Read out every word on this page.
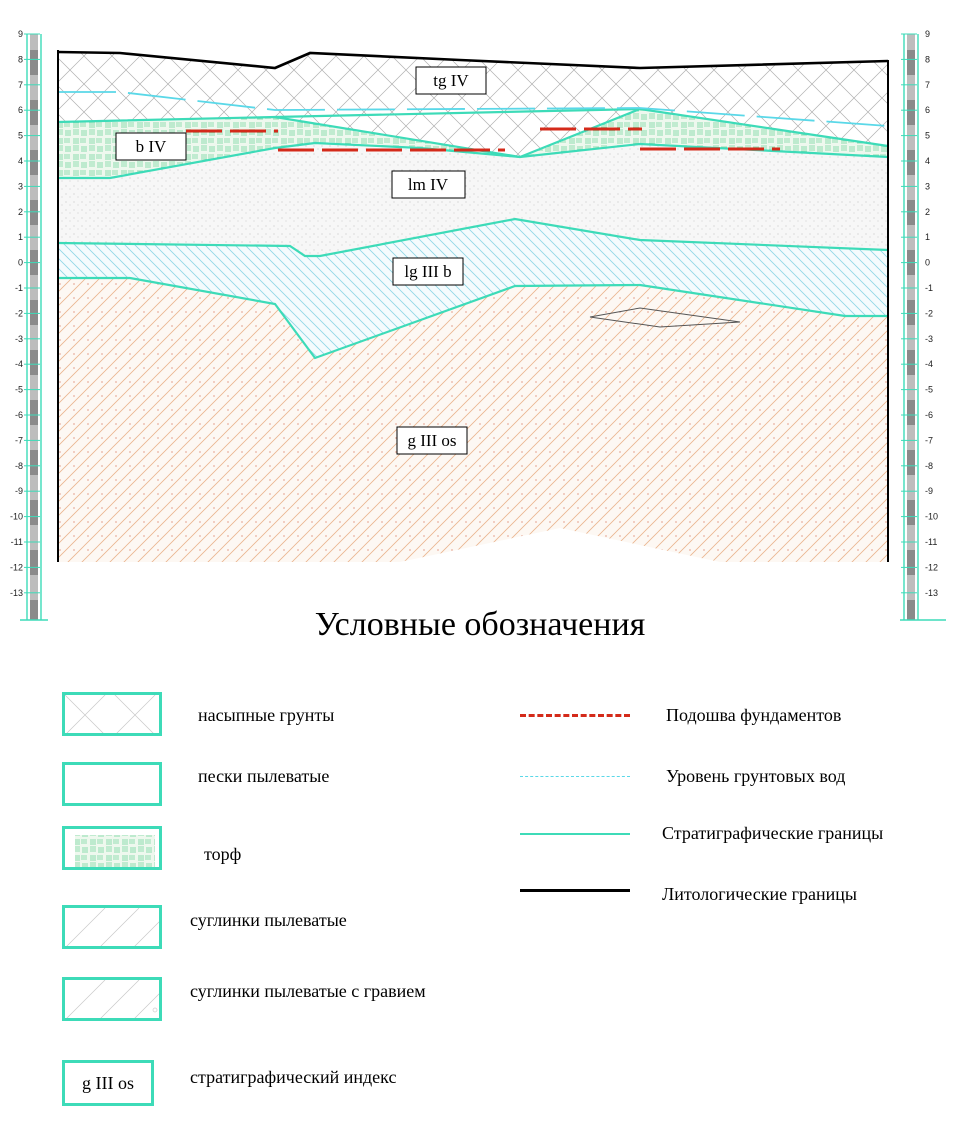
9
8
7
6
5
4
3
2
1
0
-1
-2
-3
-4
-5
-6
-7
-8
-9
-10
-11
-12
-13
9
8
7
6
5
4
3
2
1
0
-1
-2
-3
-4
-5
-6
-7
-8
-9
-10
-11
-12
-13
tg IV
b IV
lm IV
lg III b
g III os
Условные обозначения
насыпные грунты
пески пылеватые
торф
суглинки пылеватые
суглинки пылеватые с гравием
g III os	стратиграфический индекс
Подошва фундаментов
Уровень грунтовых вод
Стратиграфические границы
Литологические границы
